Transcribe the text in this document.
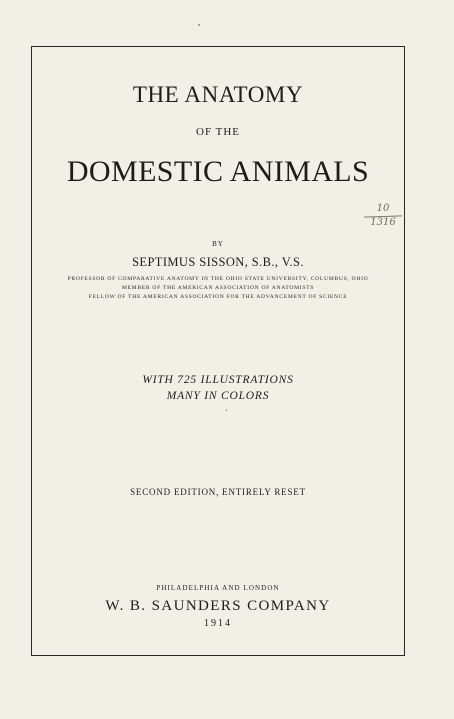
THE ANATOMY
OF THE
DOMESTIC ANIMALS
10
1316
BY
SEPTIMUS SISSON, S.B., V.S.
PROFESSOR OF COMPARATIVE ANATOMY IN THE OHIO STATE UNIVERSITY, COLUMBUS, OHIO
MEMBER OF THE AMERICAN ASSOCIATION OF ANATOMISTS
FELLOW OF THE AMERICAN ASSOCIATION FOR THE ADVANCEMENT OF SCIENCE
WITH 725 ILLUSTRATIONS
MANY IN COLORS
SECOND EDITION, ENTIRELY RESET
PHILADELPHIA AND LONDON
W. B. SAUNDERS COMPANY
1914
